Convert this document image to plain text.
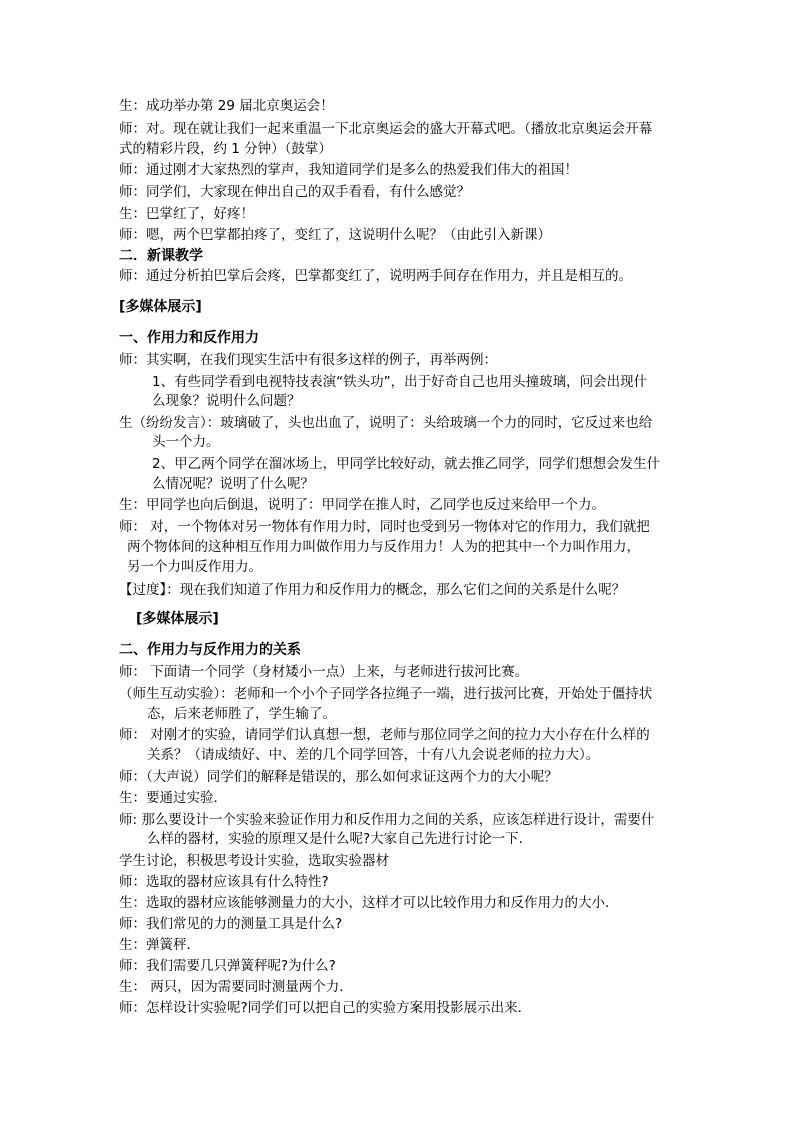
生：成功举办第 29 届北京奥运会！
师：对。现在就让我们一起来重温一下北京奥运会的盛大开幕式吧。（播放北京奥运会开幕
式的精彩片段，约 1 分钟）（鼓掌）
师：通过刚才大家热烈的掌声，我知道同学们是多么的热爱我们伟大的祖国！
师：同学们，大家现在伸出自己的双手看看，有什么感觉？
生：巴掌红了，好疼！
师：嗯，两个巴掌都拍疼了，变红了，这说明什么呢？（由此引入新课）
二．新课教学
师：通过分析拍巴掌后会疼，巴掌都变红了，说明两手间存在作用力，并且是相互的。
[多媒体展示]
一、作用力和反作用力
师：其实啊，在我们现实生活中有很多这样的例子，再举两例：
1、有些同学看到电视特技表演“铁头功”，出于好奇自己也用头撞玻璃，问会出现什
么现象？说明什么问题？
生（纷纷发言）：玻璃破了，头也出血了，说明了：头给玻璃一个力的同时，它反过来也给
头一个力。
2、甲乙两个同学在溜冰场上，甲同学比较好动，就去推乙同学，同学们想想会发生什
么情况呢？说明了什么呢？
生：甲同学也向后倒退，说明了：甲同学在推人时，乙同学也反过来给甲一个力。
师： 对，一个物体对另一物体有作用力时，同时也受到另一物体对它的作用力，我们就把
两个物体间的这种相互作用力叫做作用力与反作用力！人为的把其中一个力叫作用力，
另一个力叫反作用力。
【过度】：现在我们知道了作用力和反作用力的概念，那么它们之间的关系是什么呢？
[多媒体展示]
二、作用力与反作用力的关系
师： 下面请一个同学（身材矮小一点）上来，与老师进行拔河比赛。
（师生互动实验）：老师和一个小个子同学各拉绳子一端，进行拔河比赛，开始处于僵持状
态，后来老师胜了，学生输了。
师： 对刚才的实验，请同学们认真想一想，老师与那位同学之间的拉力大小存在什么样的
关系？（请成绩好、中、差的几个同学回答，十有八九会说老师的拉力大）。
师：（大声说）同学们的解释是错误的，那么如何求证这两个力的大小呢？
生：要通过实验．
师: 那么要设计一个实验来验证作用力和反作用力之间的关系，应该怎样进行设计，需要什
么样的器材，实验的原理又是什么呢?大家自己先进行讨论一下．
学生讨论，积极思考设计实验，选取实验器材
师：选取的器材应该具有什么特性?
生：选取的器材应该能够测量力的大小，这样才可以比较作用力和反作用力的大小．
师：我们常见的力的测量工具是什么?
生：弹簧秤．
师：我们需要几只弹簧秤呢?为什么?
生： 两只，因为需要同时测量两个力．
师：怎样设计实验呢?同学们可以把自己的实验方案用投影展示出来．
